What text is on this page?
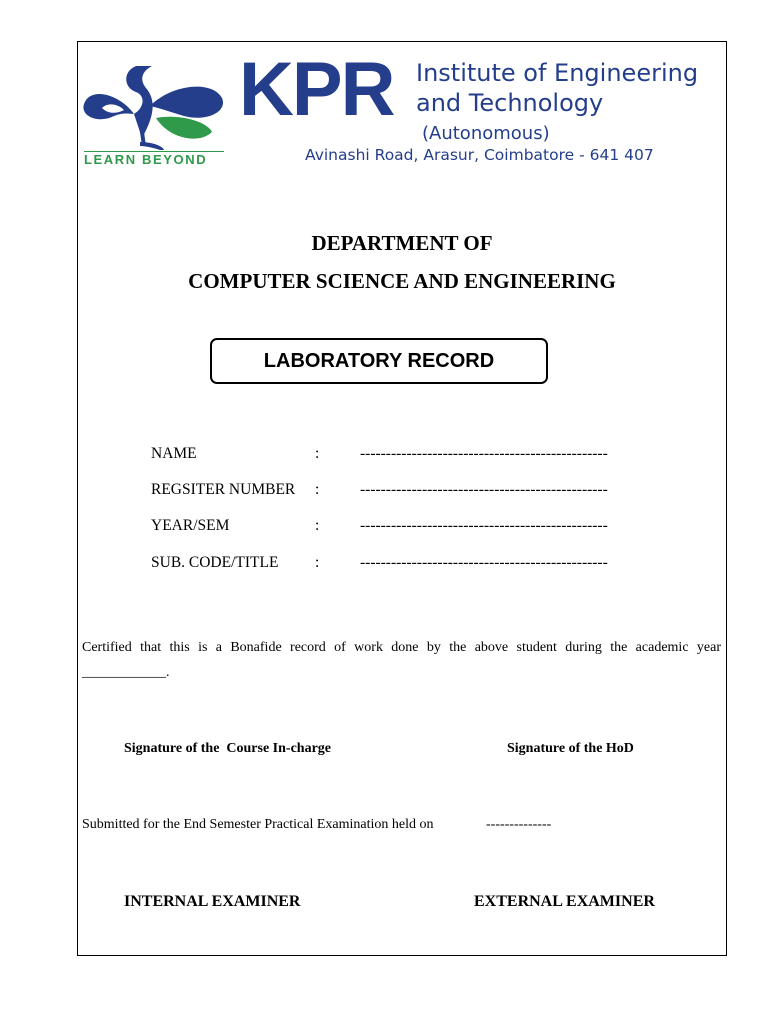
LEARN BEYOND
KPR Institute of Engineering
and Technology
(Autonomous)
Avinashi Road, Arasur, Coimbatore - 641 407
DEPARTMENT OF
COMPUTER SCIENCE AND ENGINEERING
LABORATORY RECORD
NAME	:	------------------------------------------------
REGSITER NUMBER :	------------------------------------------------
YEAR/SEM	:	------------------------------------------------
SUB. CODE/TITLE :	------------------------------------------------
Certified that this is a Bonafide record of work done by the above student during the academic year
____________.
Signature of the  Course In-charge	Signature of the HoD
Submitted for the End Semester Practical Examination held on	--------------
INTERNAL EXAMINER	EXTERNAL EXAMINER
